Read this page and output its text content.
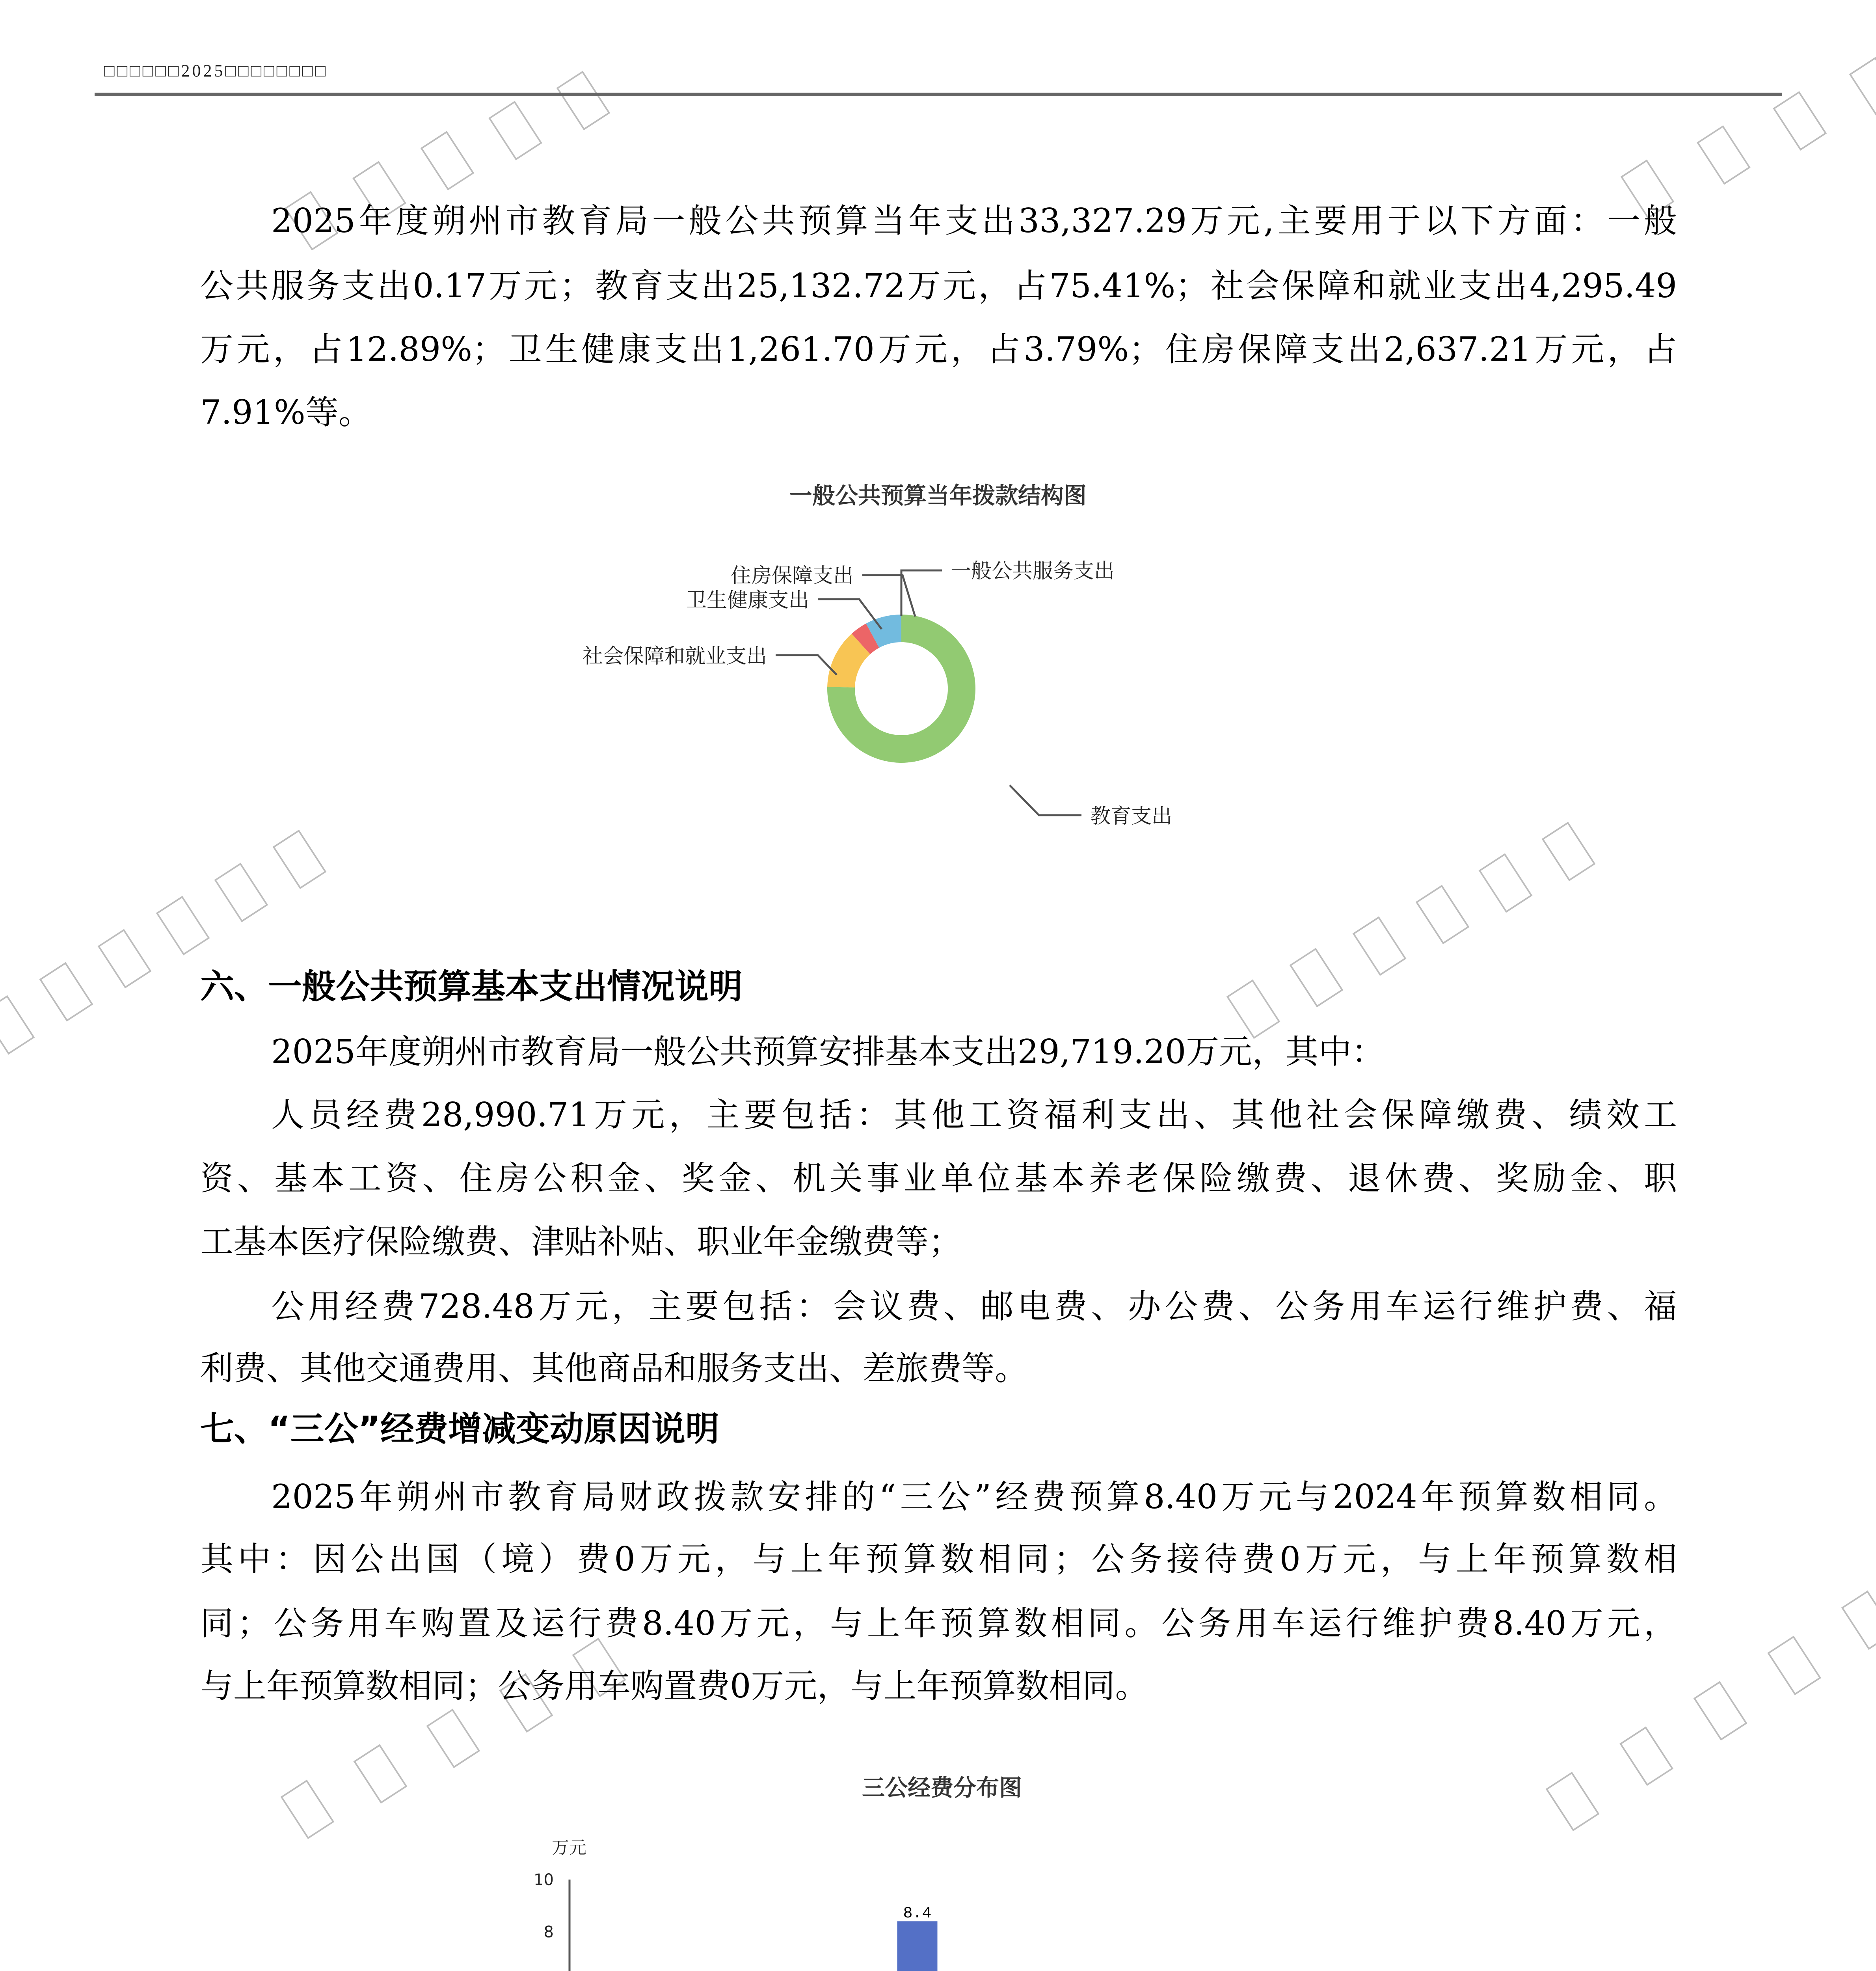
□□□□□□2025□□□□□□□□
2025年度朔州市教育局一般公共预算当年支出33,327.29万元,主要用于以下方面：一般
公共服务支出0.17万元；教育支出25,132.72万元，占75.41%；社会保障和就业支出4,295.49
万元，占12.89%；卫生健康支出1,261.70万元，占3.79%；住房保障支出2,637.21万元，占
7.91%等。
一般公共预算当年拨款结构图
一般公共服务支出
教育支出
社会保障和就业支出
卫生健康支出
住房保障支出
六、一般公共预算基本支出情况说明
2025年度朔州市教育局一般公共预算安排基本支出29,719.20万元，其中：
人员经费28,990.71万元，主要包括：其他工资福利支出、其他社会保障缴费、绩效工
资、基本工资、住房公积金、奖金、机关事业单位基本养老保险缴费、退休费、奖励金、职
工基本医疗保险缴费、津贴补贴、职业年金缴费等；
公用经费728.48万元，主要包括：会议费、邮电费、办公费、公务用车运行维护费、福
利费、其他交通费用、其他商品和服务支出、差旅费等。
七、“三公”经费增减变动原因说明
2025年朔州市教育局财政拨款安排的“三公”经费预算8.40万元与2024年预算数相同。
其中：因公出国（境）费0万元，与上年预算数相同；公务接待费0万元，与上年预算数相
同；公务用车购置及运行费8.40万元，与上年预算数相同。公务用车运行维护费8.40万元，
与上年预算数相同；公务用车购置费0万元，与上年预算数相同。
三公经费分布图
万元
8
10
8.4
